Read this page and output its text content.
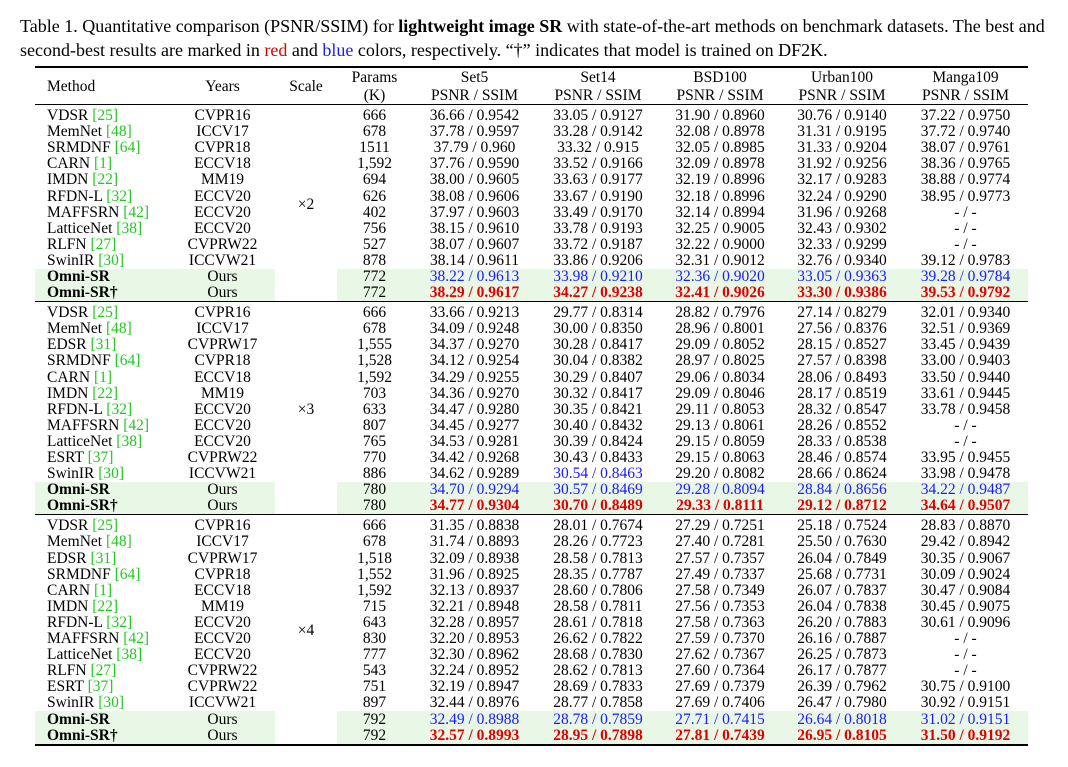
Table 1. Quantitative comparison (PSNR/SSIM) for lightweight image SR with state-of-the-art methods on benchmark datasets. The best and second-best results are marked in red and blue colors, respectively. “†” indicates that model is trained on DF2K.
Method	Years	Scale	Params	Set5	Set14	BSD100	Urban100	Manga109
			(K)	PSNR / SSIM	PSNR / SSIM	PSNR / SSIM	PSNR / SSIM	PSNR / SSIM
VDSR [25]	CVPR16	×2	666	36.66 / 0.9542	33.05 / 0.9127	31.90 / 0.8960	30.76 / 0.9140	37.22 / 0.9750
MemNet [48]	ICCV17		678	37.78 / 0.9597	33.28 / 0.9142	32.08 / 0.8978	31.31 / 0.9195	37.72 / 0.9740
SRMDNF [64]	CVPR18		1511	37.79 / 0.960	33.32 / 0.915	32.05 / 0.8985	31.33 / 0.9204	38.07 / 0.9761
CARN [1]	ECCV18		1,592	37.76 / 0.9590	33.52 / 0.9166	32.09 / 0.8978	31.92 / 0.9256	38.36 / 0.9765
IMDN [22]	MM19		694	38.00 / 0.9605	33.63 / 0.9177	32.19 / 0.8996	32.17 / 0.9283	38.88 / 0.9774
RFDN-L [32]	ECCV20		626	38.08 / 0.9606	33.67 / 0.9190	32.18 / 0.8996	32.24 / 0.9290	38.95 / 0.9773
MAFFSRN [42]	ECCV20		402	37.97 / 0.9603	33.49 / 0.9170	32.14 / 0.8994	31.96 / 0.9268	- / -
LatticeNet [38]	ECCV20		756	38.15 / 0.9610	33.78 / 0.9193	32.25 / 0.9005	32.43 / 0.9302	- / -
RLFN [27]	CVPRW22		527	38.07 / 0.9607	33.72 / 0.9187	32.22 / 0.9000	32.33 / 0.9299	- / -
SwinIR [30]	ICCVW21		878	38.14 / 0.9611	33.86 / 0.9206	32.31 / 0.9012	32.76 / 0.9340	39.12 / 0.9783
Omni-SR	Ours		772	38.22 / 0.9613	33.98 / 0.9210	32.36 / 0.9020	33.05 / 0.9363	39.28 / 0.9784
Omni-SR†	Ours		772	38.29 / 0.9617	34.27 / 0.9238	32.41 / 0.9026	33.30 / 0.9386	39.53 / 0.9792
VDSR [25]	CVPR16	×3	666	33.66 / 0.9213	29.77 / 0.8314	28.82 / 0.7976	27.14 / 0.8279	32.01 / 0.9340
MemNet [48]	ICCV17		678	34.09 / 0.9248	30.00 / 0.8350	28.96 / 0.8001	27.56 / 0.8376	32.51 / 0.9369
EDSR [31]	CVPRW17		1,555	34.37 / 0.9270	30.28 / 0.8417	29.09 / 0.8052	28.15 / 0.8527	33.45 / 0.9439
SRMDNF [64]	CVPR18		1,528	34.12 / 0.9254	30.04 / 0.8382	28.97 / 0.8025	27.57 / 0.8398	33.00 / 0.9403
CARN [1]	ECCV18		1,592	34.29 / 0.9255	30.29 / 0.8407	29.06 / 0.8034	28.06 / 0.8493	33.50 / 0.9440
IMDN [22]	MM19		703	34.36 / 0.9270	30.32 / 0.8417	29.09 / 0.8046	28.17 / 0.8519	33.61 / 0.9445
RFDN-L [32]	ECCV20		633	34.47 / 0.9280	30.35 / 0.8421	29.11 / 0.8053	28.32 / 0.8547	33.78 / 0.9458
MAFFSRN [42]	ECCV20		807	34.45 / 0.9277	30.40 / 0.8432	29.13 / 0.8061	28.26 / 0.8552	- / -
LatticeNet [38]	ECCV20		765	34.53 / 0.9281	30.39 / 0.8424	29.15 / 0.8059	28.33 / 0.8538	- / -
ESRT [37]	CVPRW22		770	34.42 / 0.9268	30.43 / 0.8433	29.15 / 0.8063	28.46 / 0.8574	33.95 / 0.9455
SwinIR [30]	ICCVW21		886	34.62 / 0.9289	30.54 / 0.8463	29.20 / 0.8082	28.66 / 0.8624	33.98 / 0.9478
Omni-SR	Ours		780	34.70 / 0.9294	30.57 / 0.8469	29.28 / 0.8094	28.84 / 0.8656	34.22 / 0.9487
Omni-SR†	Ours		780	34.77 / 0.9304	30.70 / 0.8489	29.33 / 0.8111	29.12 / 0.8712	34.64 / 0.9507
VDSR [25]	CVPR16	×4	666	31.35 / 0.8838	28.01 / 0.7674	27.29 / 0.7251	25.18 / 0.7524	28.83 / 0.8870
MemNet [48]	ICCV17		678	31.74 / 0.8893	28.26 / 0.7723	27.40 / 0.7281	25.50 / 0.7630	29.42 / 0.8942
EDSR [31]	CVPRW17		1,518	32.09 / 0.8938	28.58 / 0.7813	27.57 / 0.7357	26.04 / 0.7849	30.35 / 0.9067
SRMDNF [64]	CVPR18		1,552	31.96 / 0.8925	28.35 / 0.7787	27.49 / 0.7337	25.68 / 0.7731	30.09 / 0.9024
CARN [1]	ECCV18		1,592	32.13 / 0.8937	28.60 / 0.7806	27.58 / 0.7349	26.07 / 0.7837	30.47 / 0.9084
IMDN [22]	MM19		715	32.21 / 0.8948	28.58 / 0.7811	27.56 / 0.7353	26.04 / 0.7838	30.45 / 0.9075
RFDN-L [32]	ECCV20		643	32.28 / 0.8957	28.61 / 0.7818	27.58 / 0.7363	26.20 / 0.7883	30.61 / 0.9096
MAFFSRN [42]	ECCV20		830	32.20 / 0.8953	26.62 / 0.7822	27.59 / 0.7370	26.16 / 0.7887	- / -
LatticeNet [38]	ECCV20		777	32.30 / 0.8962	28.68 / 0.7830	27.62 / 0.7367	26.25 / 0.7873	- / -
RLFN [27]	CVPRW22		543	32.24 / 0.8952	28.62 / 0.7813	27.60 / 0.7364	26.17 / 0.7877	- / -
ESRT [37]	CVPRW22		751	32.19 / 0.8947	28.69 / 0.7833	27.69 / 0.7379	26.39 / 0.7962	30.75 / 0.9100
SwinIR [30]	ICCVW21		897	32.44 / 0.8976	28.77 / 0.7858	27.69 / 0.7406	26.47 / 0.7980	30.92 / 0.9151
Omni-SR	Ours		792	32.49 / 0.8988	28.78 / 0.7859	27.71 / 0.7415	26.64 / 0.8018	31.02 / 0.9151
Omni-SR†	Ours		792	32.57 / 0.8993	28.95 / 0.7898	27.81 / 0.7439	26.95 / 0.8105	31.50 / 0.9192
